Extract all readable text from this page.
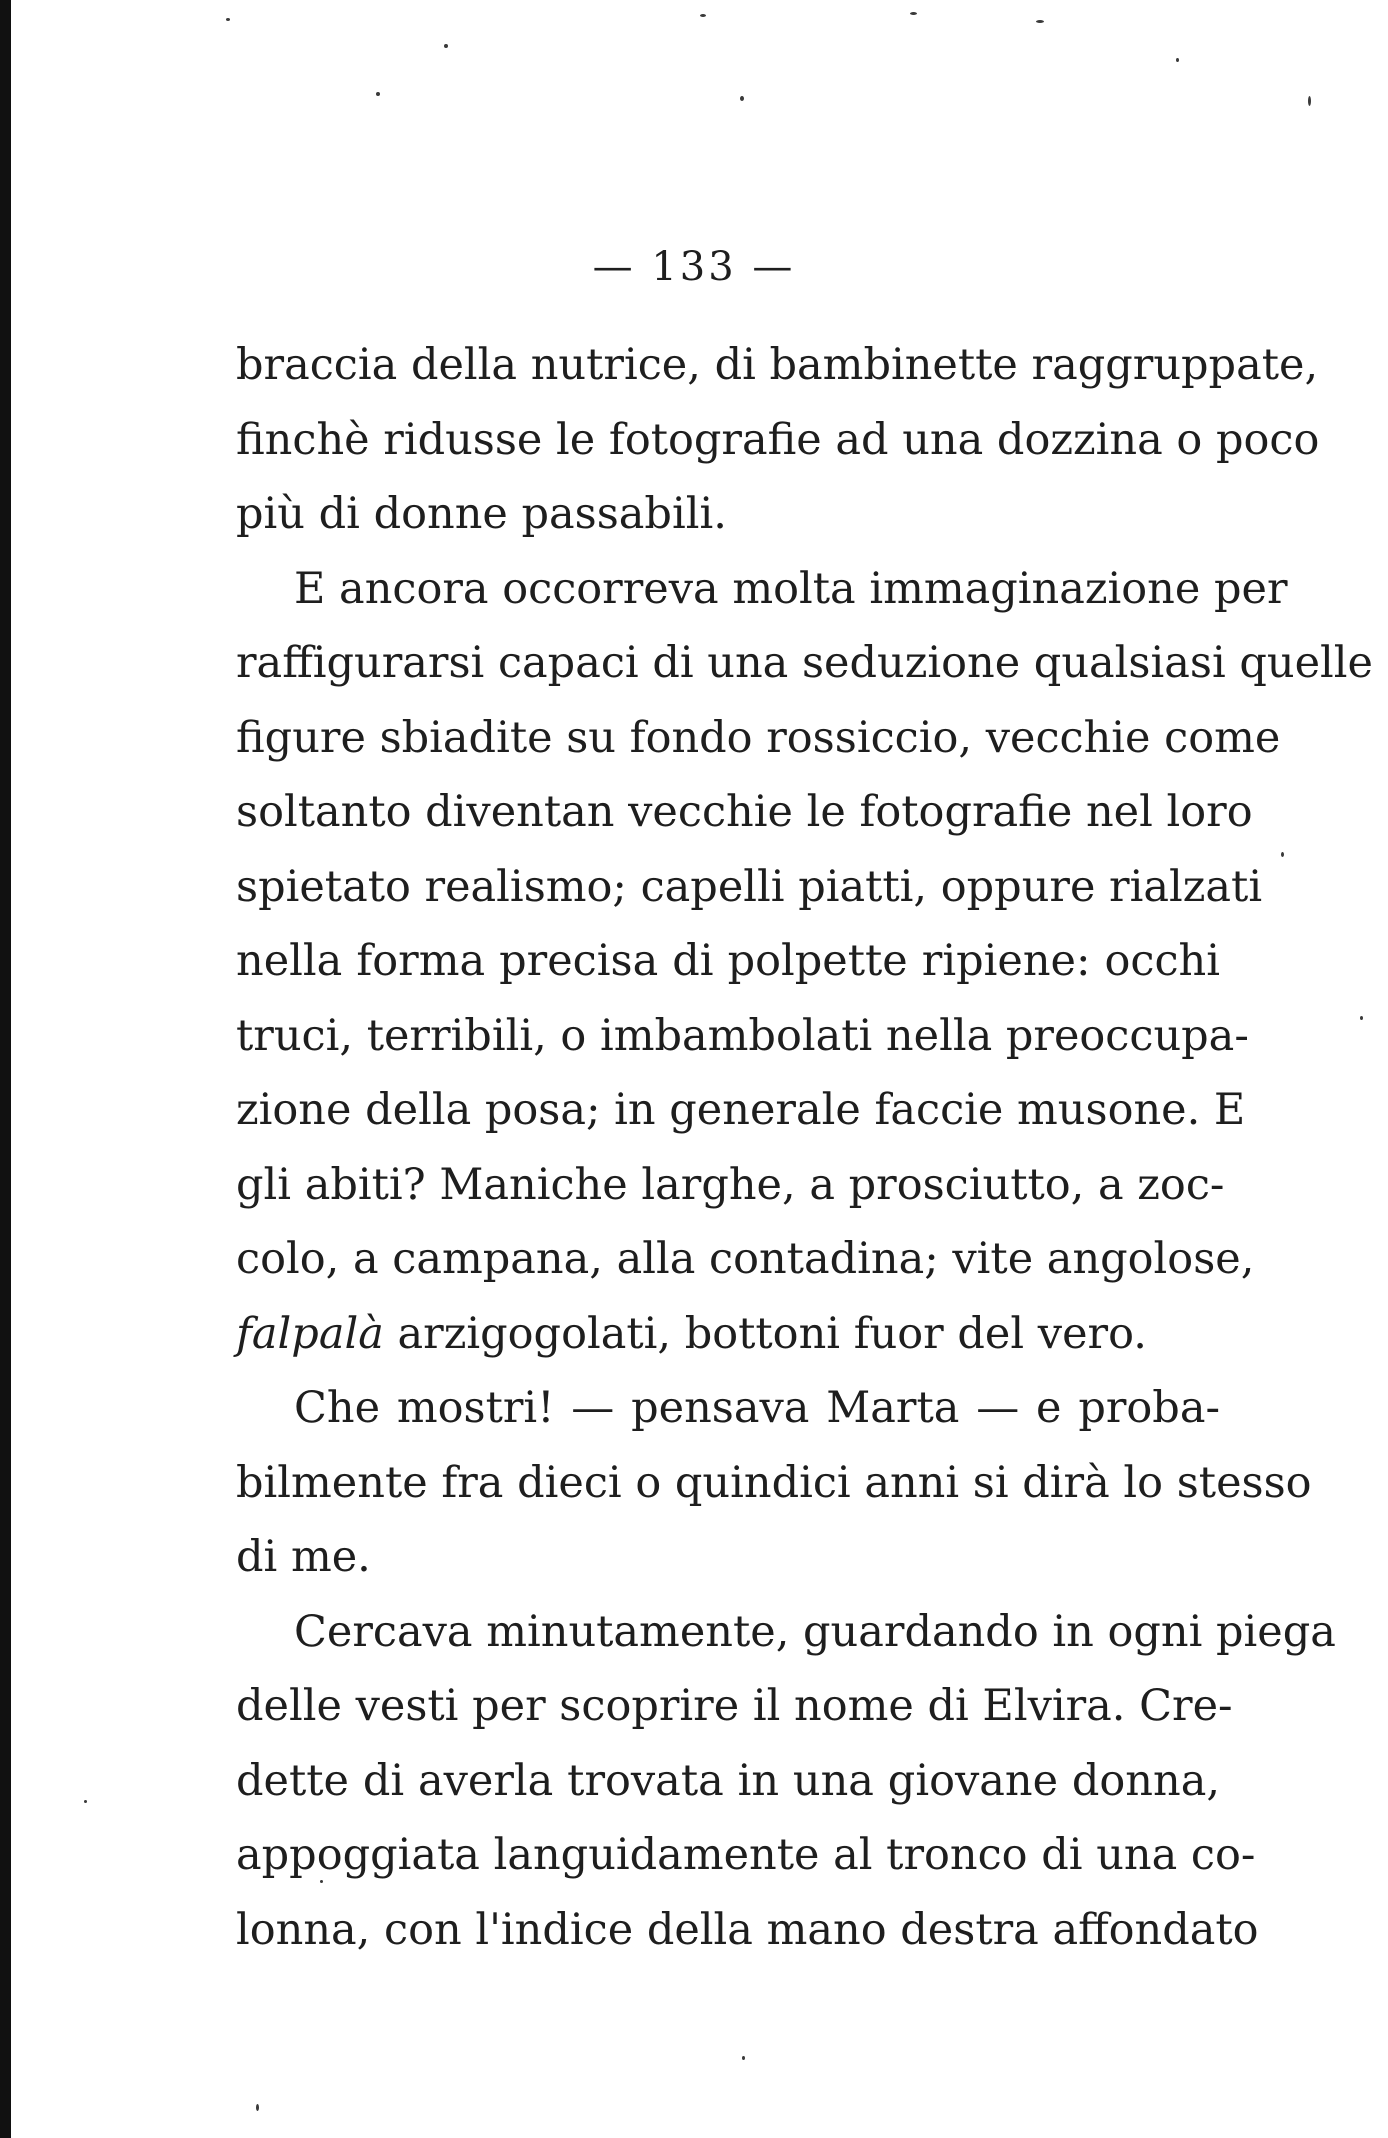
— 133 —
braccia della nutrice, di bambinette raggruppate,
finchè ridusse le fotografie ad una dozzina o poco
più di donne passabili.
E ancora occorreva molta immaginazione per
raffigurarsi capaci di una seduzione qualsiasi quelle
figure sbiadite su fondo rossiccio, vecchie come
soltanto diventan vecchie le fotografie nel loro
spietato realismo; capelli piatti, oppure rialzati
nella forma precisa di polpette ripiene: occhi
truci, terribili, o imbambolati nella preoccupa-
zione della posa; in generale faccie musone. E
gli abiti? Maniche larghe, a prosciutto, a zoc-
colo, a campana, alla contadina; vite angolose,
falpalà arzigogolati, bottoni fuor del vero.
Che mostri! — pensava Marta — e proba-
bilmente fra dieci o quindici anni si dirà lo stesso
di me.
Cercava minutamente, guardando in ogni piega
delle vesti per scoprire il nome di Elvira. Cre-
dette di averla trovata in una giovane donna,
appoggiata languidamente al tronco di una co-
lonna, con l'indice della mano destra affondato
